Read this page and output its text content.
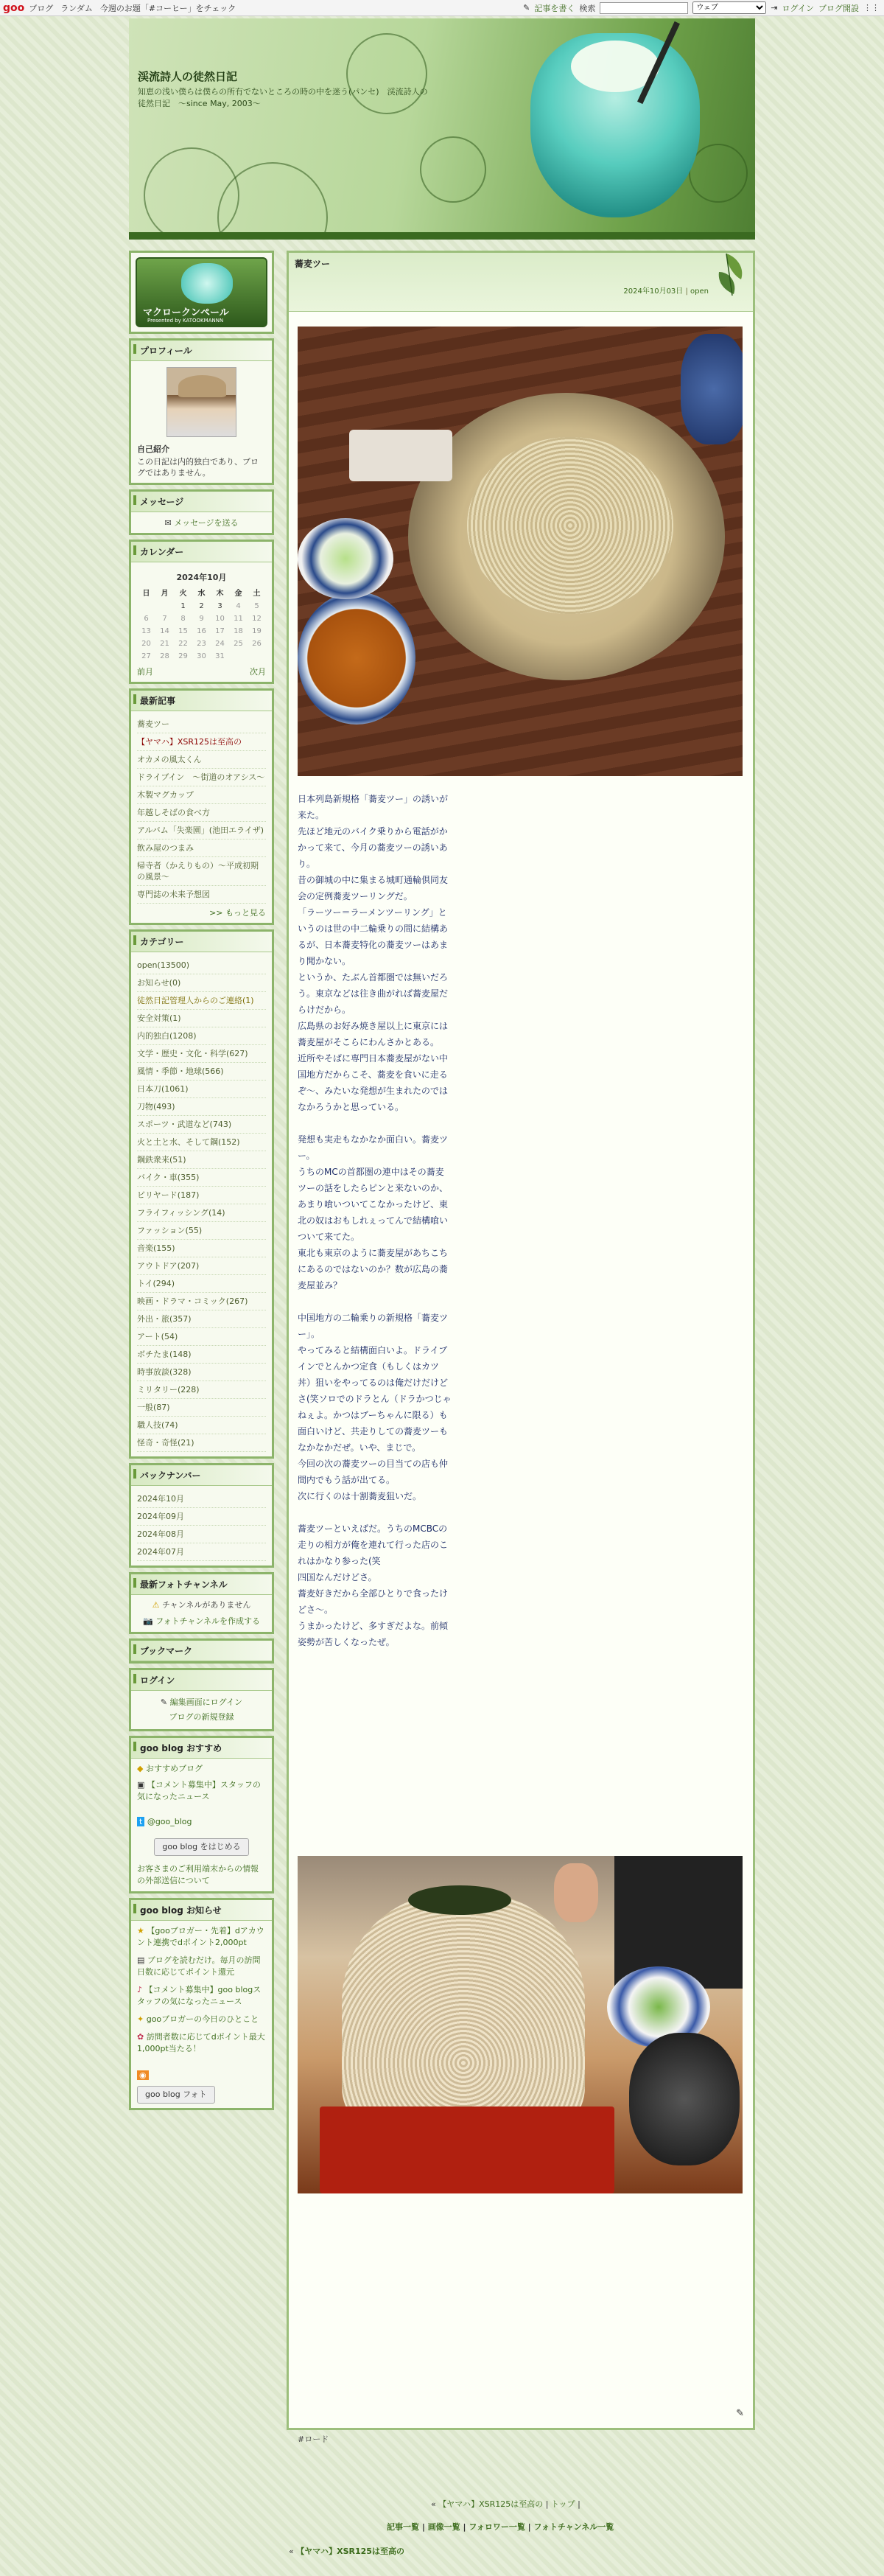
goo ブログ ランダム 今週のお題「#コーヒー」をチェック	✎ 記事を書く 検索
ウェブ	⇥ ログイン ブログ開設 ⋮⋮
渓流詩人の徒然日記
知恵の浅い僕らは僕らの所有でないところの時の中を迷う(パンセ)　渓流詩人の徒然日記　～since May, 2003～
マクロークンペール
Presented by KATOOKMANNN
プロフィール
自己紹介
この日記は内的独白であり、ブログではありません。
メッセージ
✉ メッセージを送る
カレンダー
2024年10月
日	月	火	水	木	金	土
		1	2	3	4	5
6	7	8	9	10	11	12
13	14	15	16	17	18	19
20	21	22	23	24	25	26
27	28	29	30	31		
前月	次月
最新記事
蕎麦ツー
【ヤマハ】XSR125は至高の
オカメの風太くん
ドライブイン　～街道のオアシス～
木製マグカップ
年越しそばの食べ方
アルバム「失楽園」(池田エライザ)
飲み屋のつまみ
帰寺者（かえりもの）～平成初期の風景～
専門誌の未来予想図
>> もっと見る
カテゴリー
open(13500)
お知らせ(0)
徒然日記管理人からのご連絡(1)
安全対策(1)
内的独白(1208)
文学・歴史・文化・科学(627)
風情・季節・地球(566)
日本刀(1061)
刀物(493)
スポーツ・武道など(743)
火と土と水、そして鋼(152)
鋼鉄衆来(51)
バイク・車(355)
ビリヤード(187)
フライフィッシング(14)
ファッション(55)
音楽(155)
アウトドア(207)
トイ(294)
映画・ドラマ・コミック(267)
外出・旅(357)
アート(54)
ボチたま(148)
時事放談(328)
ミリタリー(228)
一般(87)
職人技(74)
怪奇・奇怪(21)
バックナンバー
2024年10月
2024年09月
2024年08月
2024年07月
最新フォトチャンネル
⚠ チャンネルがありません
📷 フォトチャンネルを作成する
ブックマーク
ログイン
✎ 編集画面にログイン
ブログの新規登録
goo blog おすすめ
◆ おすすめブログ
▣ 【コメント募集中】スタッフの気になったニュース
t @goo_blog
goo blog をはじめる
お客さまのご利用端末からの情報の外部送信について
goo blog お知らせ
★ 【gooブロガー・先着】dアカウント連携でdポイント2,000pt
▤ ブログを読むだけ。毎月の訪問日数に応じてポイント還元
♪ 【コメント募集中】goo blogスタッフの気になったニュース
✦ gooブロガーの今日のひとこと
✿ 訪問者数に応じてdポイント最大1,000pt当たる！
◉
goo blog フォト
蕎麦ツー
2024年10月03日 | open

日本列島新規格「蕎麦ツー」の誘いが来た。
先ほど地元のバイク乗りから電話がかかって来て、今月の蕎麦ツーの誘いあり。
昔の御城の中に集まる城町通輪倶同友会の定例蕎麦ツーリングだ。
「ラーツー＝ラーメンツーリング」というのは世の中二輪乗りの間に結構あるが、日本蕎麦特化の蕎麦ツーはあまり聞かない。
というか、たぶん首都圏では無いだろう。東京などは往き曲がれば蕎麦屋だらけだから。
広島県のお好み焼き屋以上に東京には蕎麦屋がそこらにわんさかとある。
近所やそばに専門日本蕎麦屋がない中国地方だからこそ、蕎麦を食いに走るぞ〜、みたいな発想が生まれたのではなかろうかと思っている。

発想も実走もなかなか面白い。蕎麦ツー。
うちのMCの首都圏の連中はその蕎麦ツーの話をしたらピンと来ないのか、あまり喰いついてこなかったけど、東北の奴はおもしれぇってんで結構喰いついて来てた。
東北も東京のように蕎麦屋があちこちにあるのではないのか？数が広島の蕎麦屋並み？

中国地方の二輪乗りの新規格「蕎麦ツー」。
やってみると結構面白いよ。ドライブインでとんかつ定食（もしくはカツ丼）狙いをやってるのは俺だけだけどさ(笑ソロでのドラとん（ドラかつじゃねぇよ。かつはブーちゃんに限る）も面白いけど、共走りしての蕎麦ツーもなかなかだぜ。いや、まじで。
今回の次の蕎麦ツーの目当ての店も仲間内でもう話が出てる。
次に行くのは十割蕎麦狙いだ。

蕎麦ツーといえばだ。うちのMCBCの走りの相方が俺を連れて行った店のこれはかなり参った(笑
四国なんだけどさ。
蕎麦好きだから全部ひとりで食ったけどさ〜。
うまかったけど、多すぎだよな。前傾姿勢が苦しくなったぜ。

#ロード
✎
« 【ヤマハ】XSR125は至高の | トップ |
記事一覧 | 画像一覧 | フォロワー一覧 | フォトチャンネル一覧
« 【ヤマハ】XSR125は至高の
